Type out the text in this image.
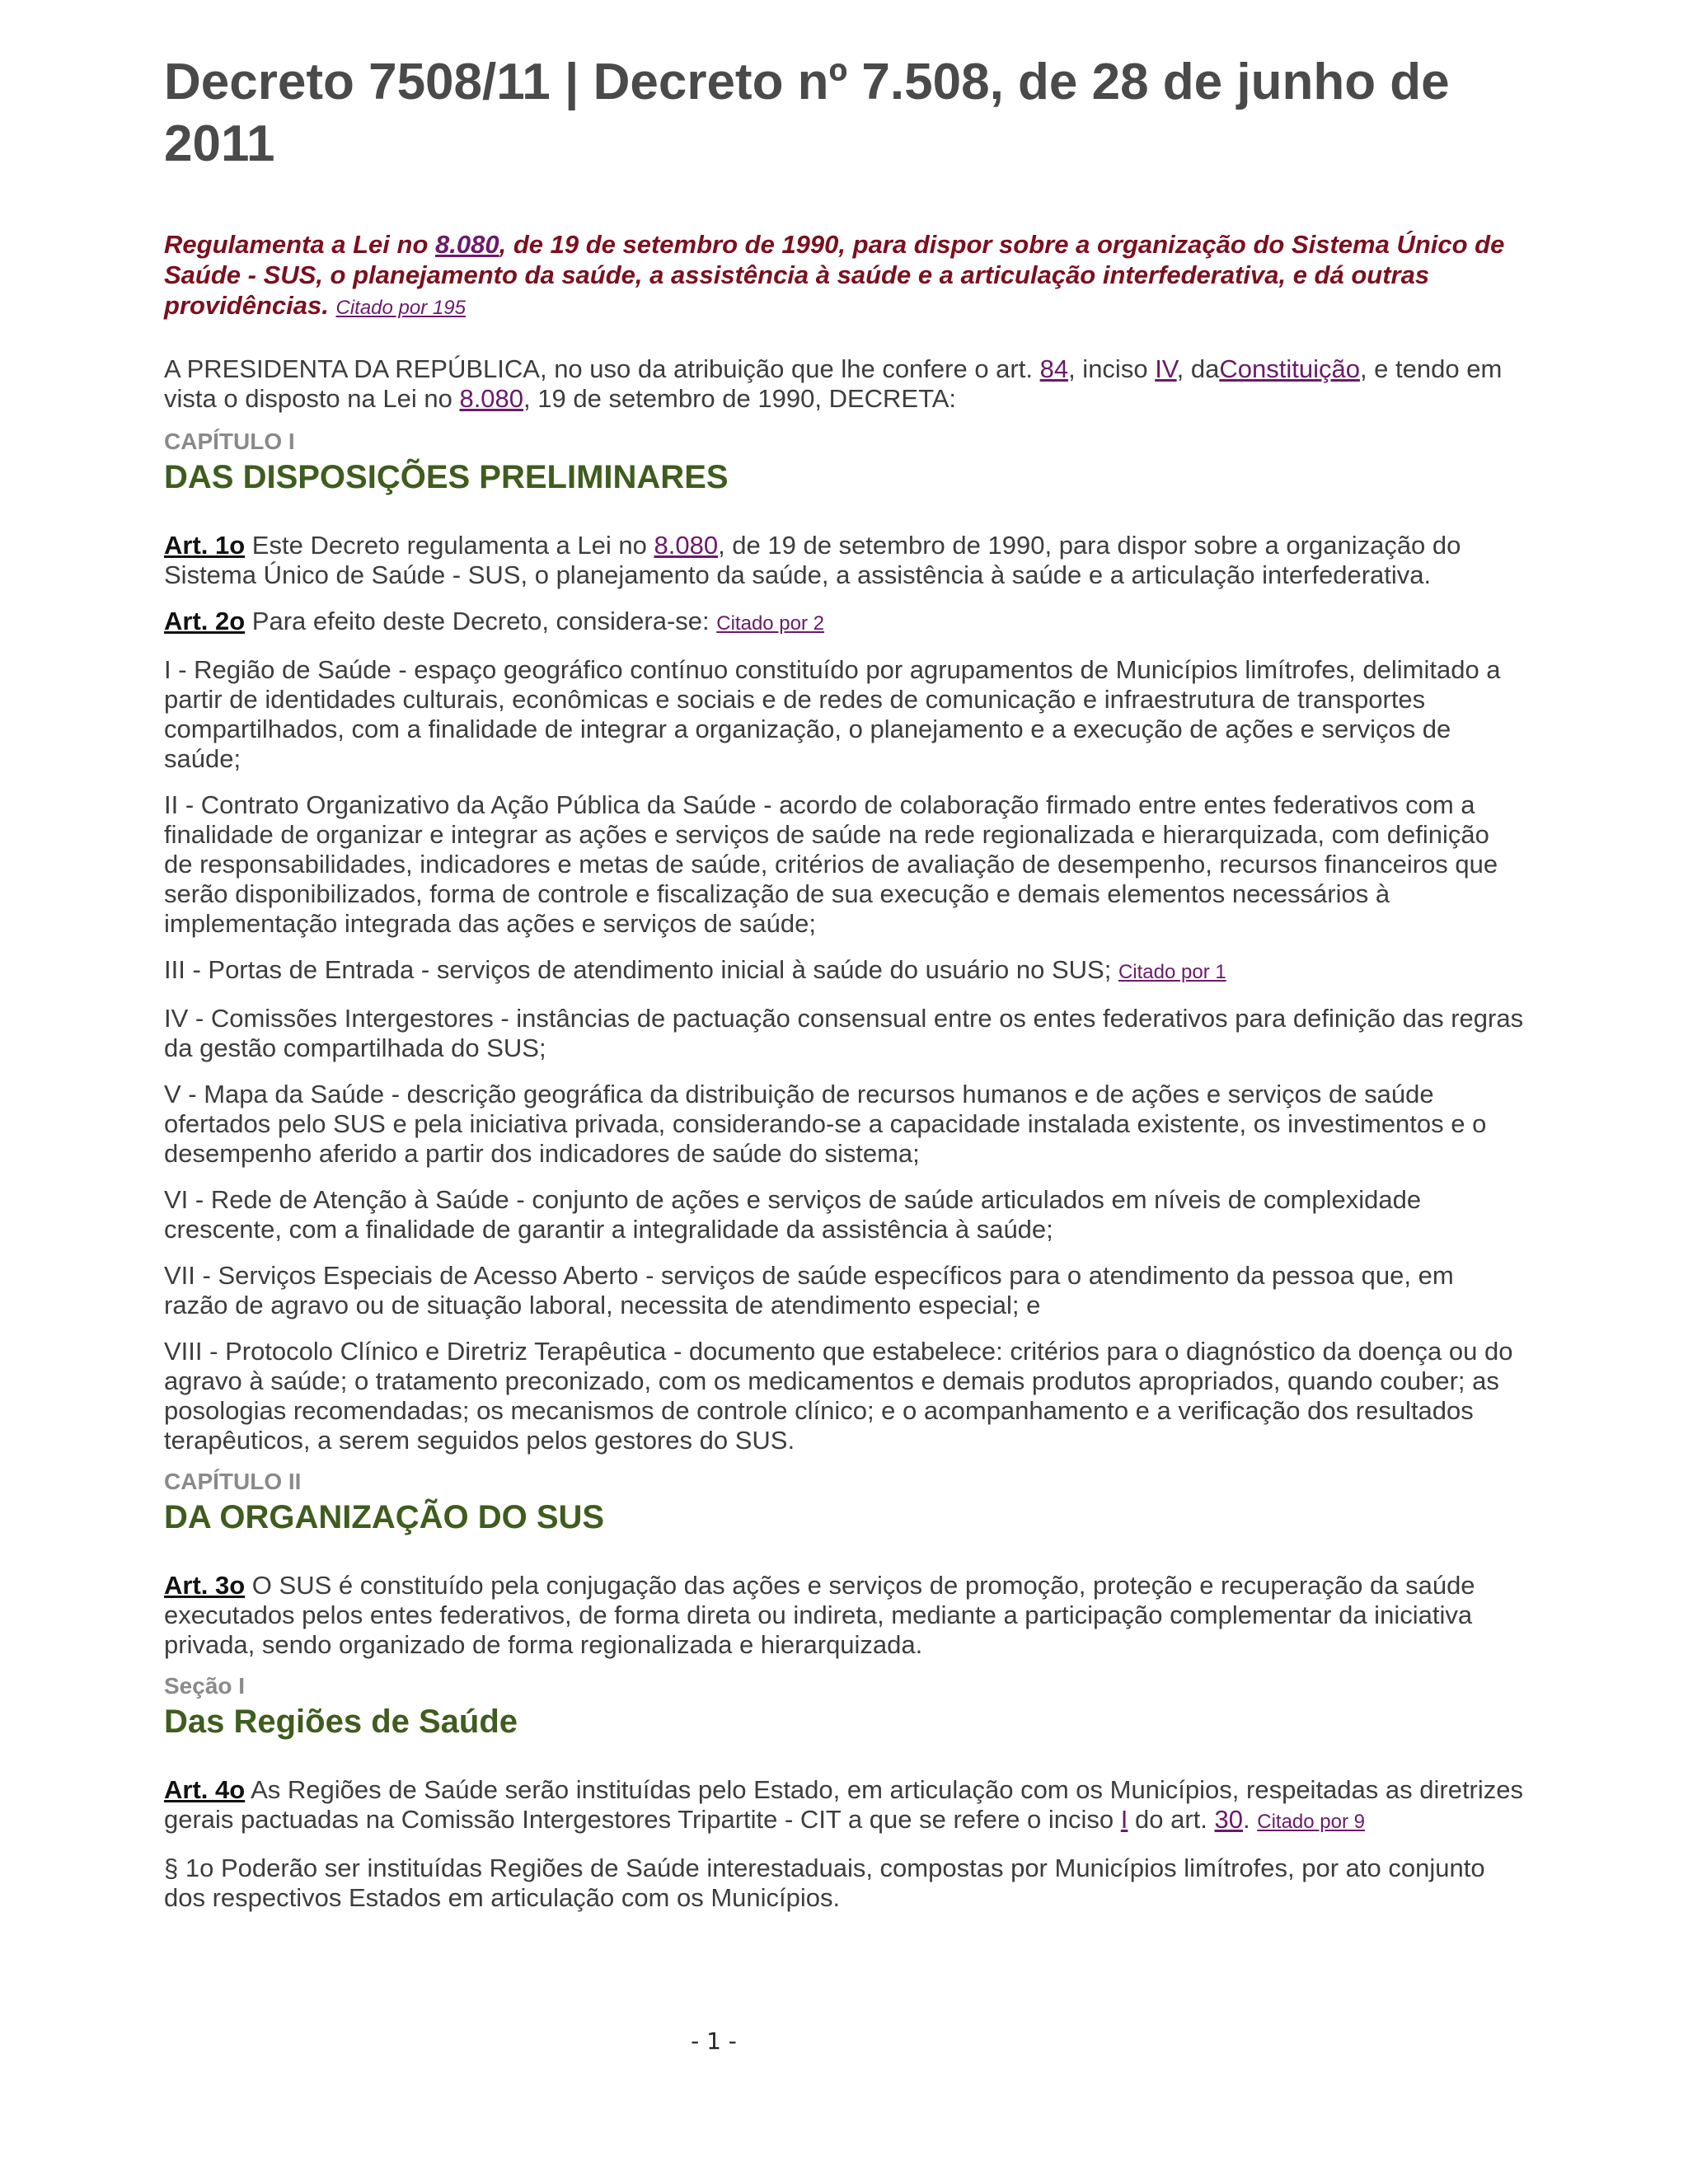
Decreto 7508/11 | Decreto nº 7.508, de 28 de junho de 2011

Regulamenta a Lei no 8.080, de 19 de setembro de 1990, para dispor sobre a organização do Sistema Único de Saúde - SUS, o planejamento da saúde, a assistência à saúde e a articulação interfederativa, e dá outras providências. Citado por 195

A PRESIDENTA DA REPÚBLICA, no uso da atribuição que lhe confere o art. 84, inciso IV, daConstituição, e tendo em vista o disposto na Lei no 8.080, 19 de setembro de 1990, DECRETA:

CAPÍTULO I

DAS DISPOSIÇÕES PRELIMINARES

Art. 1o Este Decreto regulamenta a Lei no 8.080, de 19 de setembro de 1990, para dispor sobre a organização do Sistema Único de Saúde - SUS, o planejamento da saúde, a assistência à saúde e a articulação interfederativa.

Art. 2o Para efeito deste Decreto, considera-se: Citado por 2

I - Região de Saúde - espaço geográfico contínuo constituído por agrupamentos de Municípios limítrofes, delimitado a partir de identidades culturais, econômicas e sociais e de redes de comunicação e infraestrutura de transportes compartilhados, com a finalidade de integrar a organização, o planejamento e a execução de ações e serviços de saúde;

II - Contrato Organizativo da Ação Pública da Saúde - acordo de colaboração firmado entre entes federativos com a finalidade de organizar e integrar as ações e serviços de saúde na rede regionalizada e hierarquizada, com definição de responsabilidades, indicadores e metas de saúde, critérios de avaliação de desempenho, recursos financeiros que serão disponibilizados, forma de controle e fiscalização de sua execução e demais elementos necessários à implementação integrada das ações e serviços de saúde;

III - Portas de Entrada - serviços de atendimento inicial à saúde do usuário no SUS; Citado por 1

IV - Comissões Intergestores - instâncias de pactuação consensual entre os entes federativos para definição das regras da gestão compartilhada do SUS;

V - Mapa da Saúde - descrição geográfica da distribuição de recursos humanos e de ações e serviços de saúde ofertados pelo SUS e pela iniciativa privada, considerando-se a capacidade instalada existente, os investimentos e o desempenho aferido a partir dos indicadores de saúde do sistema;

VI - Rede de Atenção à Saúde - conjunto de ações e serviços de saúde articulados em níveis de complexidade crescente, com a finalidade de garantir a integralidade da assistência à saúde;

VII - Serviços Especiais de Acesso Aberto - serviços de saúde específicos para o atendimento da pessoa que, em razão de agravo ou de situação laboral, necessita de atendimento especial; e

VIII - Protocolo Clínico e Diretriz Terapêutica - documento que estabelece: critérios para o diagnóstico da doença ou do agravo à saúde; o tratamento preconizado, com os medicamentos e demais produtos apropriados, quando couber; as posologias recomendadas; os mecanismos de controle clínico; e o acompanhamento e a verificação dos resultados terapêuticos, a serem seguidos pelos gestores do SUS.

CAPÍTULO II

DA ORGANIZAÇÃO DO SUS

Art. 3o O SUS é constituído pela conjugação das ações e serviços de promoção, proteção e recuperação da saúde executados pelos entes federativos, de forma direta ou indireta, mediante a participação complementar da iniciativa privada, sendo organizado de forma regionalizada e hierarquizada.

Seção I

Das Regiões de Saúde

Art. 4o As Regiões de Saúde serão instituídas pelo Estado, em articulação com os Municípios, respeitadas as diretrizes gerais pactuadas na Comissão Intergestores Tripartite - CIT a que se refere o inciso I do art. 30. Citado por 9

§ 1o Poderão ser instituídas Regiões de Saúde interestaduais, compostas por Municípios limítrofes, por ato conjunto dos respectivos Estados em articulação com os Municípios.

- 1 -
